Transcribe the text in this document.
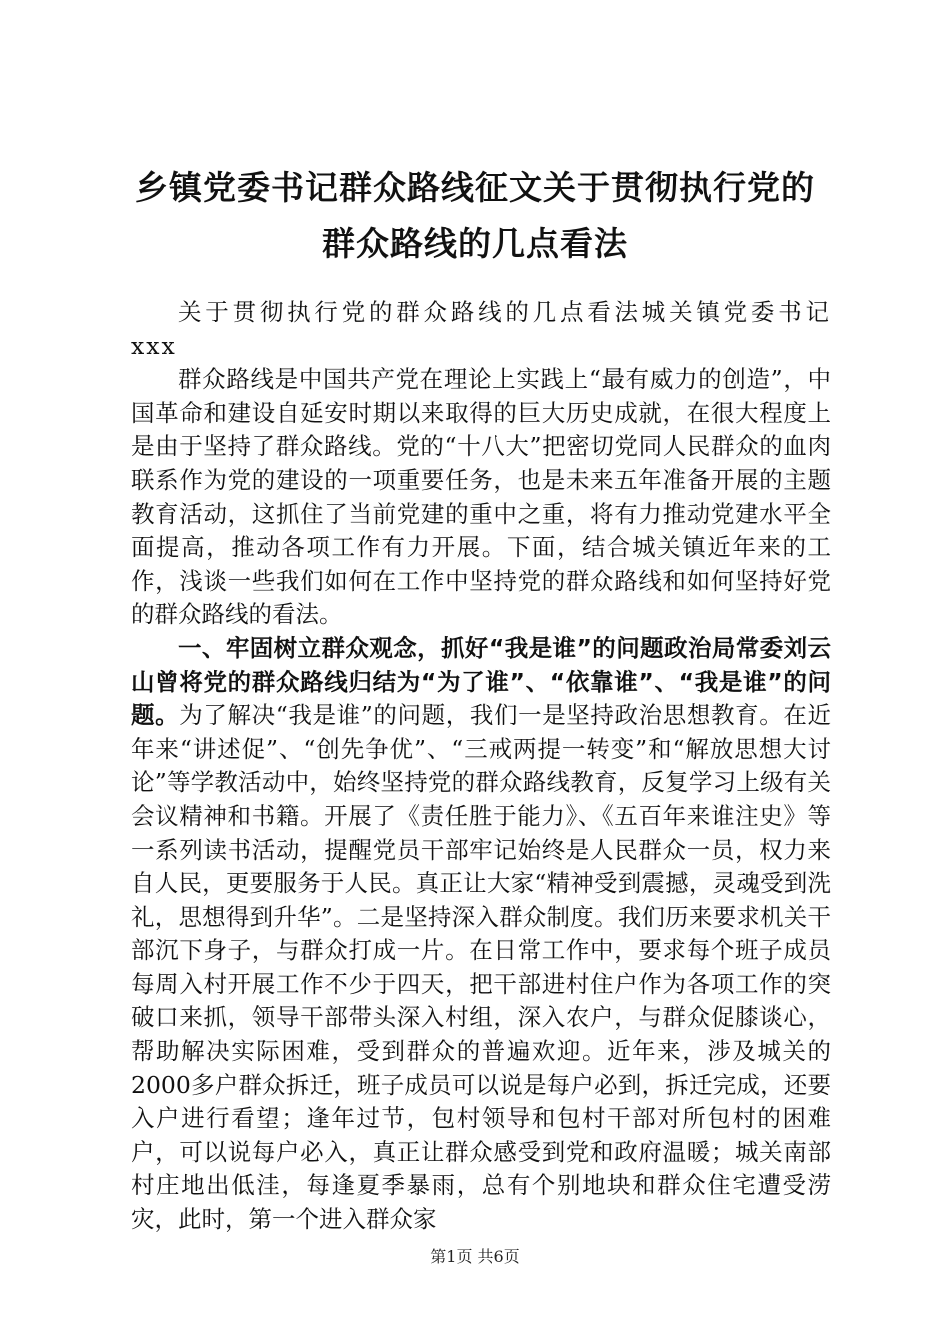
乡镇党委书记群众路线征文关于贯彻执行党的
群众路线的几点看法

关于贯彻执行党的群众路线的几点看法城关镇党委书记xxx

群众路线是中国共产党在理论上实践上“最有威力的创造”，中国革命和建设自延安时期以来取得的巨大历史成就，在很大程度上是由于坚持了群众路线。党的“十八大”把密切党同人民群众的血肉联系作为党的建设的一项重要任务，也是未来五年准备开展的主题教育活动，这抓住了当前党建的重中之重，将有力推动党建水平全面提高，推动各项工作有力开展。下面，结合城关镇近年来的工作，浅谈一些我们如何在工作中坚持党的群众路线和如何坚持好党的群众路线的看法。

一、牢固树立群众观念，抓好“我是谁”的问题政治局常委刘云山曾将党的群众路线归结为“为了谁”、“依靠谁”、“我是谁”的问题。为了解决“我是谁”的问题，我们一是坚持政治思想教育。在近年来“讲述促”、“创先争优”、“三戒两提一转变”和“解放思想大讨论”等学教活动中，始终坚持党的群众路线教育，反复学习上级有关会议精神和书籍。开展了《责任胜于能力》、《五百年来谁注史》等一系列读书活动，提醒党员干部牢记始终是人民群众一员，权力来自人民，更要服务于人民。真正让大家“精神受到震撼，灵魂受到洗礼，思想得到升华”。二是坚持深入群众制度。我们历来要求机关干部沉下身子，与群众打成一片。在日常工作中，要求每个班子成员每周入村开展工作不少于四天，把干部进村住户作为各项工作的突破口来抓，领导干部带头深入村组，深入农户，与群众促膝谈心，帮助解决实际困难，受到群众的普遍欢迎。近年来，涉及城关的2000多户群众拆迁，班子成员可以说是每户必到，拆迁完成，还要入户进行看望；逢年过节，包村领导和包村干部对所包村的困难户，可以说每户必入，真正让群众感受到党和政府温暖；城关南部村庄地出低洼，每逢夏季暴雨，总有个别地块和群众住宅遭受涝灾，此时，第一个进入群众家

第1页 共6页
